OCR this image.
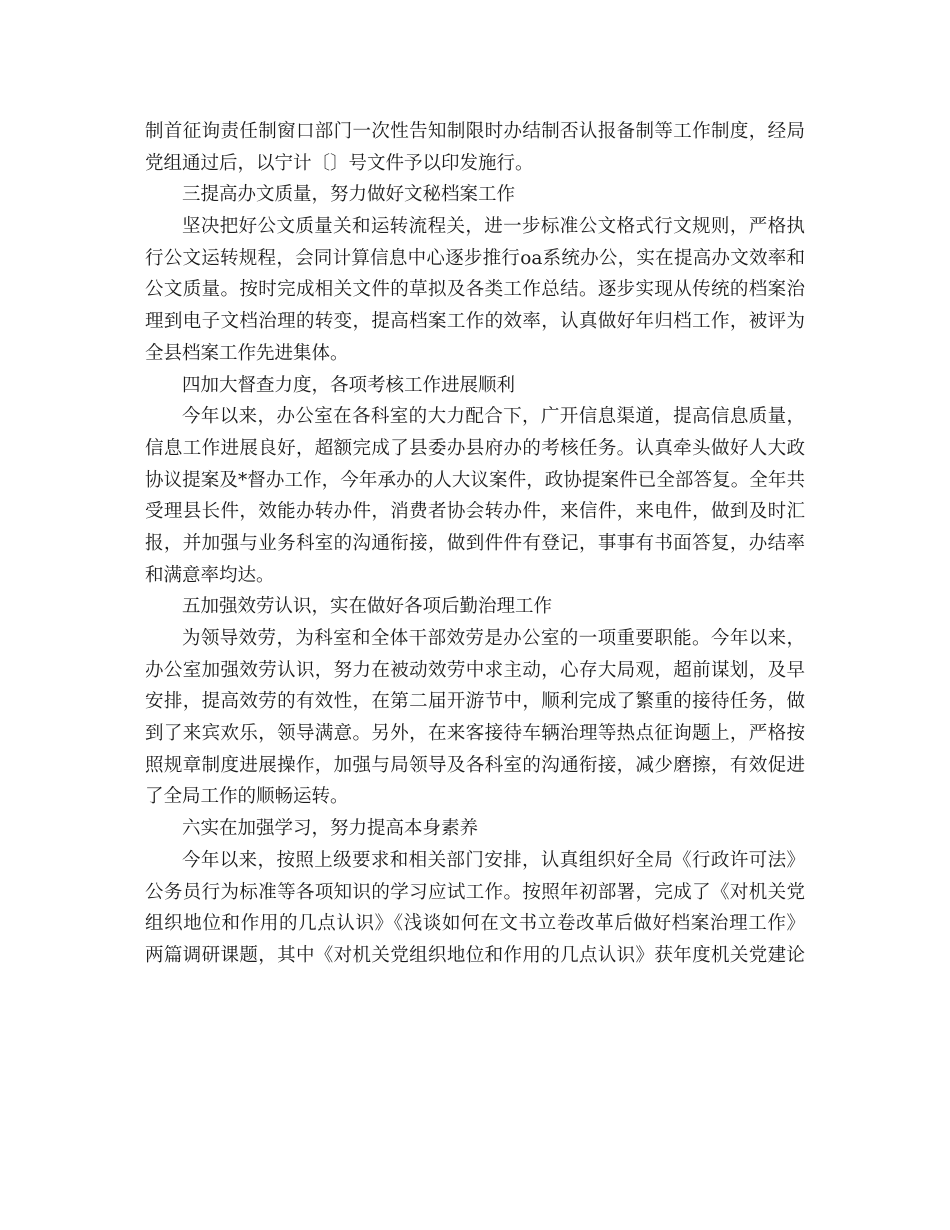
制首征询责任制窗口部门一次性告知制限时办结制否认报备制等工作制度，经局
党组通过后，以宁计〔〕号文件予以印发施行。
三提高办文质量，努力做好文秘档案工作
坚决把好公文质量关和运转流程关，进一步标准公文格式行文规则，严格执
行公文运转规程，会同计算信息中心逐步推行oa系统办公，实在提高办文效率和
公文质量。按时完成相关文件的草拟及各类工作总结。逐步实现从传统的档案治
理到电子文档治理的转变，提高档案工作的效率，认真做好年归档工作，被评为
全县档案工作先进集体。
四加大督查力度，各项考核工作进展顺利
今年以来，办公室在各科室的大力配合下，广开信息渠道，提高信息质量，
信息工作进展良好，超额完成了县委办县府办的考核任务。认真牵头做好人大政
协议提案及*督办工作，今年承办的人大议案件，政协提案件已全部答复。全年共
受理县长件，效能办转办件，消费者协会转办件，来信件，来电件，做到及时汇
报，并加强与业务科室的沟通衔接，做到件件有登记，事事有书面答复，办结率
和满意率均达。
五加强效劳认识，实在做好各项后勤治理工作
为领导效劳，为科室和全体干部效劳是办公室的一项重要职能。今年以来，
办公室加强效劳认识，努力在被动效劳中求主动，心存大局观，超前谋划，及早
安排，提高效劳的有效性，在第二届开游节中，顺利完成了繁重的接待任务，做
到了来宾欢乐，领导满意。另外，在来客接待车辆治理等热点征询题上，严格按
照规章制度进展操作，加强与局领导及各科室的沟通衔接，减少磨擦，有效促进
了全局工作的顺畅运转。
六实在加强学习，努力提高本身素养
今年以来，按照上级要求和相关部门安排，认真组织好全局《行政许可法》
公务员行为标准等各项知识的学习应试工作。按照年初部署，完成了《对机关党
组织地位和作用的几点认识》《浅谈如何在文书立卷改革后做好档案治理工作》
两篇调研课题，其中《对机关党组织地位和作用的几点认识》获年度机关党建论
